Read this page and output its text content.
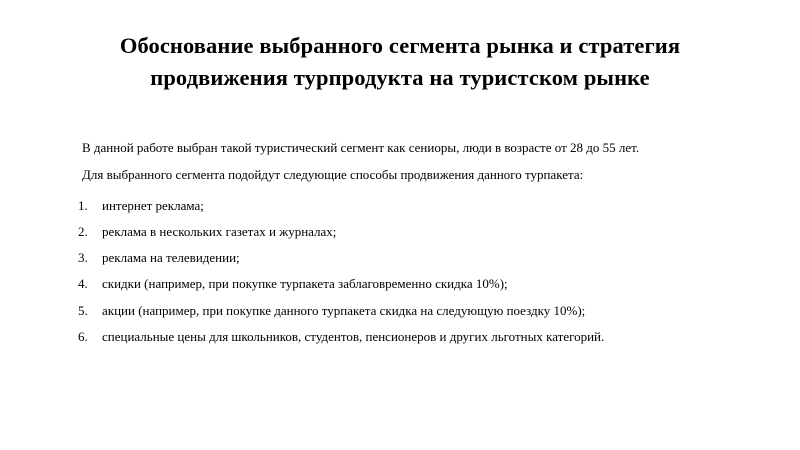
Обоснование выбранного сегмента рынка и стратегия
продвижения турпродукта на туристском рынке
В данной работе выбран такой туристический сегмент как сениоры, люди в возрасте от 28 до 55 лет.
Для выбранного сегмента подойдут следующие способы продвижения данного турпакета:
1. интернет реклама;
2. реклама в нескольких газетах и журналах;
3. реклама на телевидении;
4. скидки (например, при покупке турпакета заблаговременно скидка 10%);
5. акции (например, при покупке данного турпакета скидка на следующую поездку 10%);
6. специальные цены для школьников, студентов, пенсионеров и других льготных категорий.
